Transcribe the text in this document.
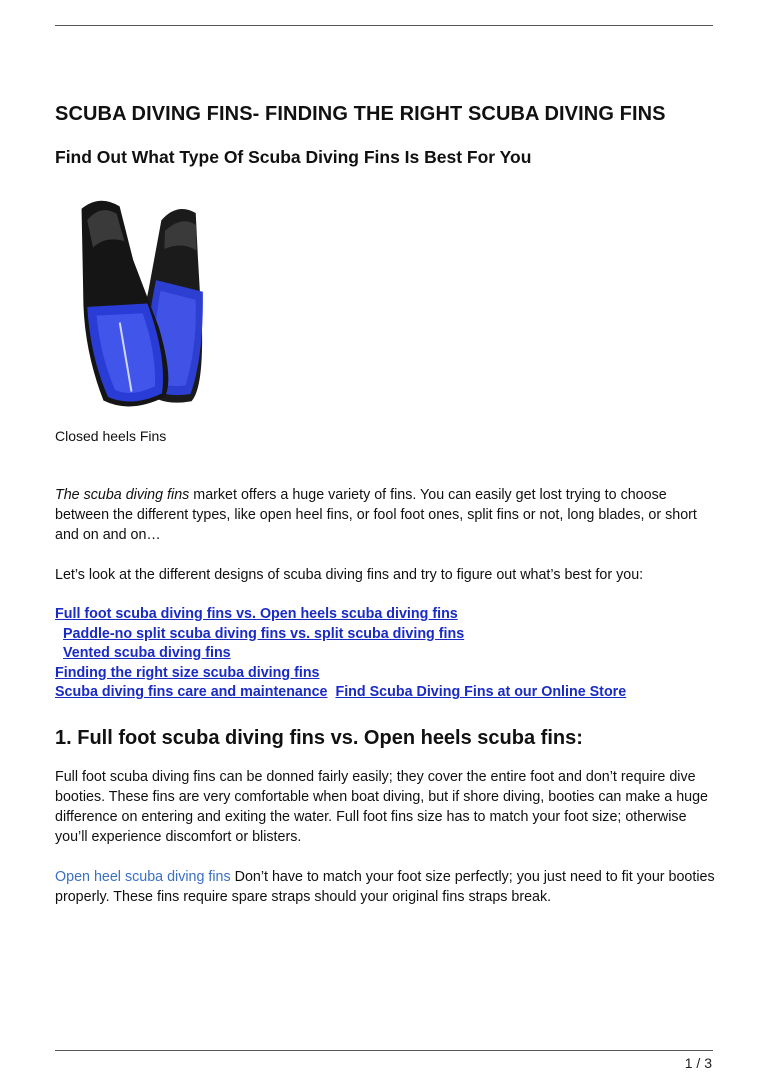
SCUBA DIVING FINS- FINDING THE RIGHT SCUBA DIVING FINS
Find Out What Type Of Scuba Diving Fins Is Best For You
Closed heels Fins

The scuba diving fins market offers a huge variety of fins. You can easily get lost trying to choose between the different types, like open heel fins, or fool foot ones, split fins or not, long blades, or short and on and on…

Let’s look at the different designs of scuba diving fins and try to figure out what’s best for you:

Full foot scuba diving fins vs. Open heels scuba diving fins
Paddle-no split scuba diving fins vs. split scuba diving fins
Vented scuba diving fins
Finding the right size scuba diving fins
Scuba diving fins care and maintenance Find Scuba Diving Fins at our Online Store
1. Full foot scuba diving fins vs. Open heels scuba fins:

Full foot scuba diving fins can be donned fairly easily; they cover the entire foot and don’t require dive booties. These fins are very comfortable when boat diving, but if shore diving, booties can make a huge difference on entering and exiting the water. Full foot fins size has to match your foot size; otherwise you’ll experience discomfort or blisters.

Open heel scuba diving fins Don’t have to match your foot size perfectly; you just need to fit your booties properly. These fins require spare straps should your original fins straps break.

1 / 3
